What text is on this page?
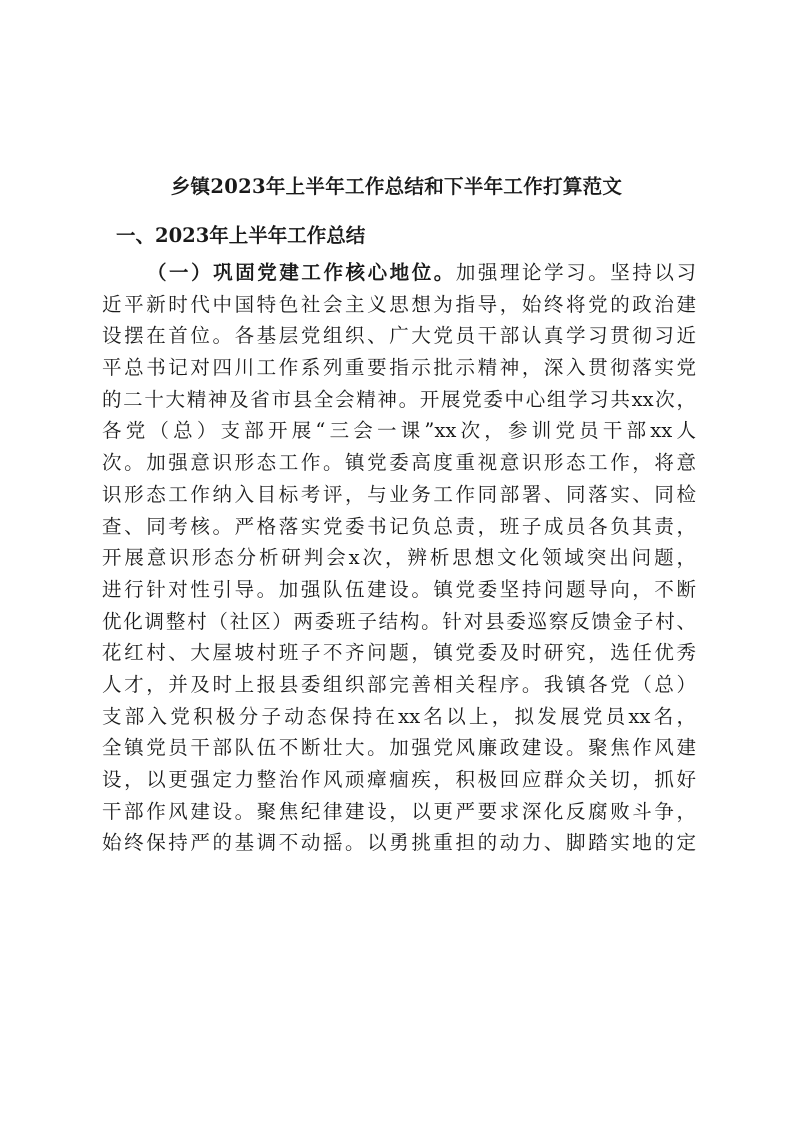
乡镇2023年上半年工作总结和下半年工作打算范文
一、2023年上半年工作总结
（一）巩固党建工作核心地位。加强理论学习。坚持以习
近平新时代中国特色社会主义思想为指导，始终将党的政治建
设摆在首位。各基层党组织、广大党员干部认真学习贯彻习近
平总书记对四川工作系列重要指示批示精神，深入贯彻落实党
的二十大精神及省市县全会精神。开展党委中心组学习共xx次，
各党（总）支部开展“三会一课”xx次，参训党员干部xx人
次。加强意识形态工作。镇党委高度重视意识形态工作，将意
识形态工作纳入目标考评，与业务工作同部署、同落实、同检
查、同考核。严格落实党委书记负总责，班子成员各负其责，
开展意识形态分析研判会x次，辨析思想文化领域突出问题，
进行针对性引导。加强队伍建设。镇党委坚持问题导向，不断
优化调整村（社区）两委班子结构。针对县委巡察反馈金子村、
花红村、大屋坡村班子不齐问题，镇党委及时研究，选任优秀
人才，并及时上报县委组织部完善相关程序。我镇各党（总）
支部入党积极分子动态保持在xx名以上，拟发展党员xx名，
全镇党员干部队伍不断壮大。加强党风廉政建设。聚焦作风建
设，以更强定力整治作风顽瘴痼疾，积极回应群众关切，抓好
干部作风建设。聚焦纪律建设，以更严要求深化反腐败斗争，
始终保持严的基调不动摇。以勇挑重担的动力、脚踏实地的定
